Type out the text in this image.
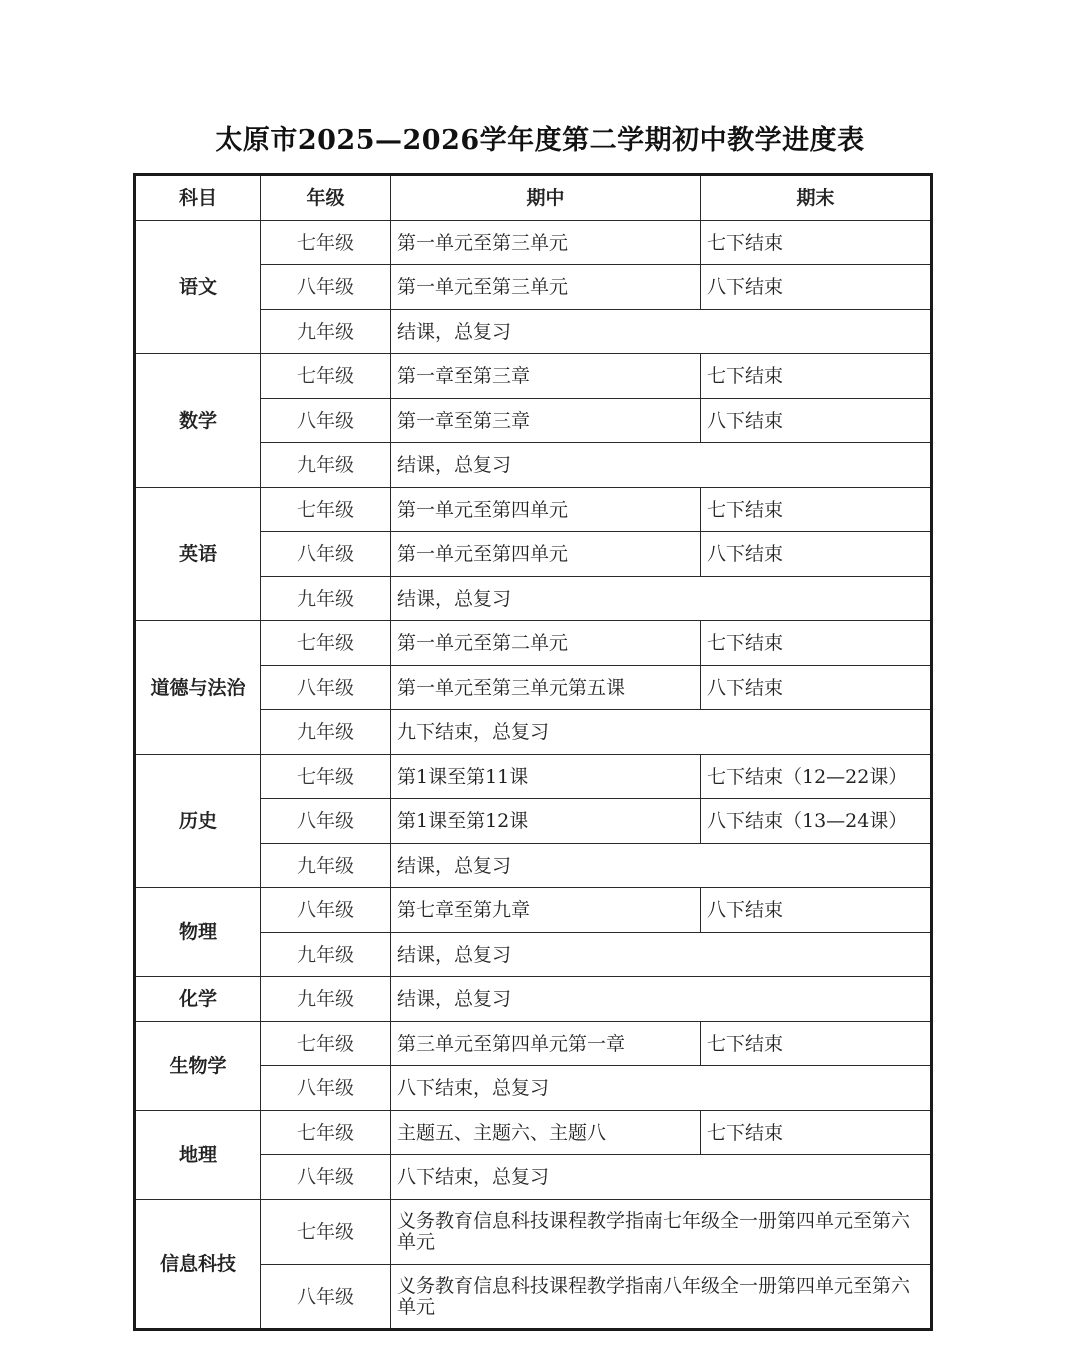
太原市2025—2026学年度第二学期初中教学进度表
科目	年级	期中	期末
语文	七年级	第一单元至第三单元	七下结束
	八年级	第一单元至第三单元	八下结束
	九年级	结课，总复习	
数学	七年级	第一章至第三章	七下结束
	八年级	第一章至第三章	八下结束
	九年级	结课，总复习	
英语	七年级	第一单元至第四单元	七下结束
	八年级	第一单元至第四单元	八下结束
	九年级	结课，总复习	
道德与法治	七年级	第一单元至第二单元	七下结束
	八年级	第一单元至第三单元第五课	八下结束
	九年级	九下结束，总复习	
历史	七年级	第1课至第11课	七下结束（12—22课）
	八年级	第1课至第12课	八下结束（13—24课）
	九年级	结课，总复习	
物理	八年级	第七章至第九章	八下结束
	九年级	结课，总复习	
化学	九年级	结课，总复习	
生物学	七年级	第三单元至第四单元第一章	七下结束
	八年级	八下结束，总复习	
地理	七年级	主题五、主题六、主题八	七下结束
	八年级	八下结束，总复习	
信息科技	七年级	义务教育信息科技课程教学指南七年级全一册第四单元至第六单元	
	八年级	义务教育信息科技课程教学指南八年级全一册第四单元至第六单元	
